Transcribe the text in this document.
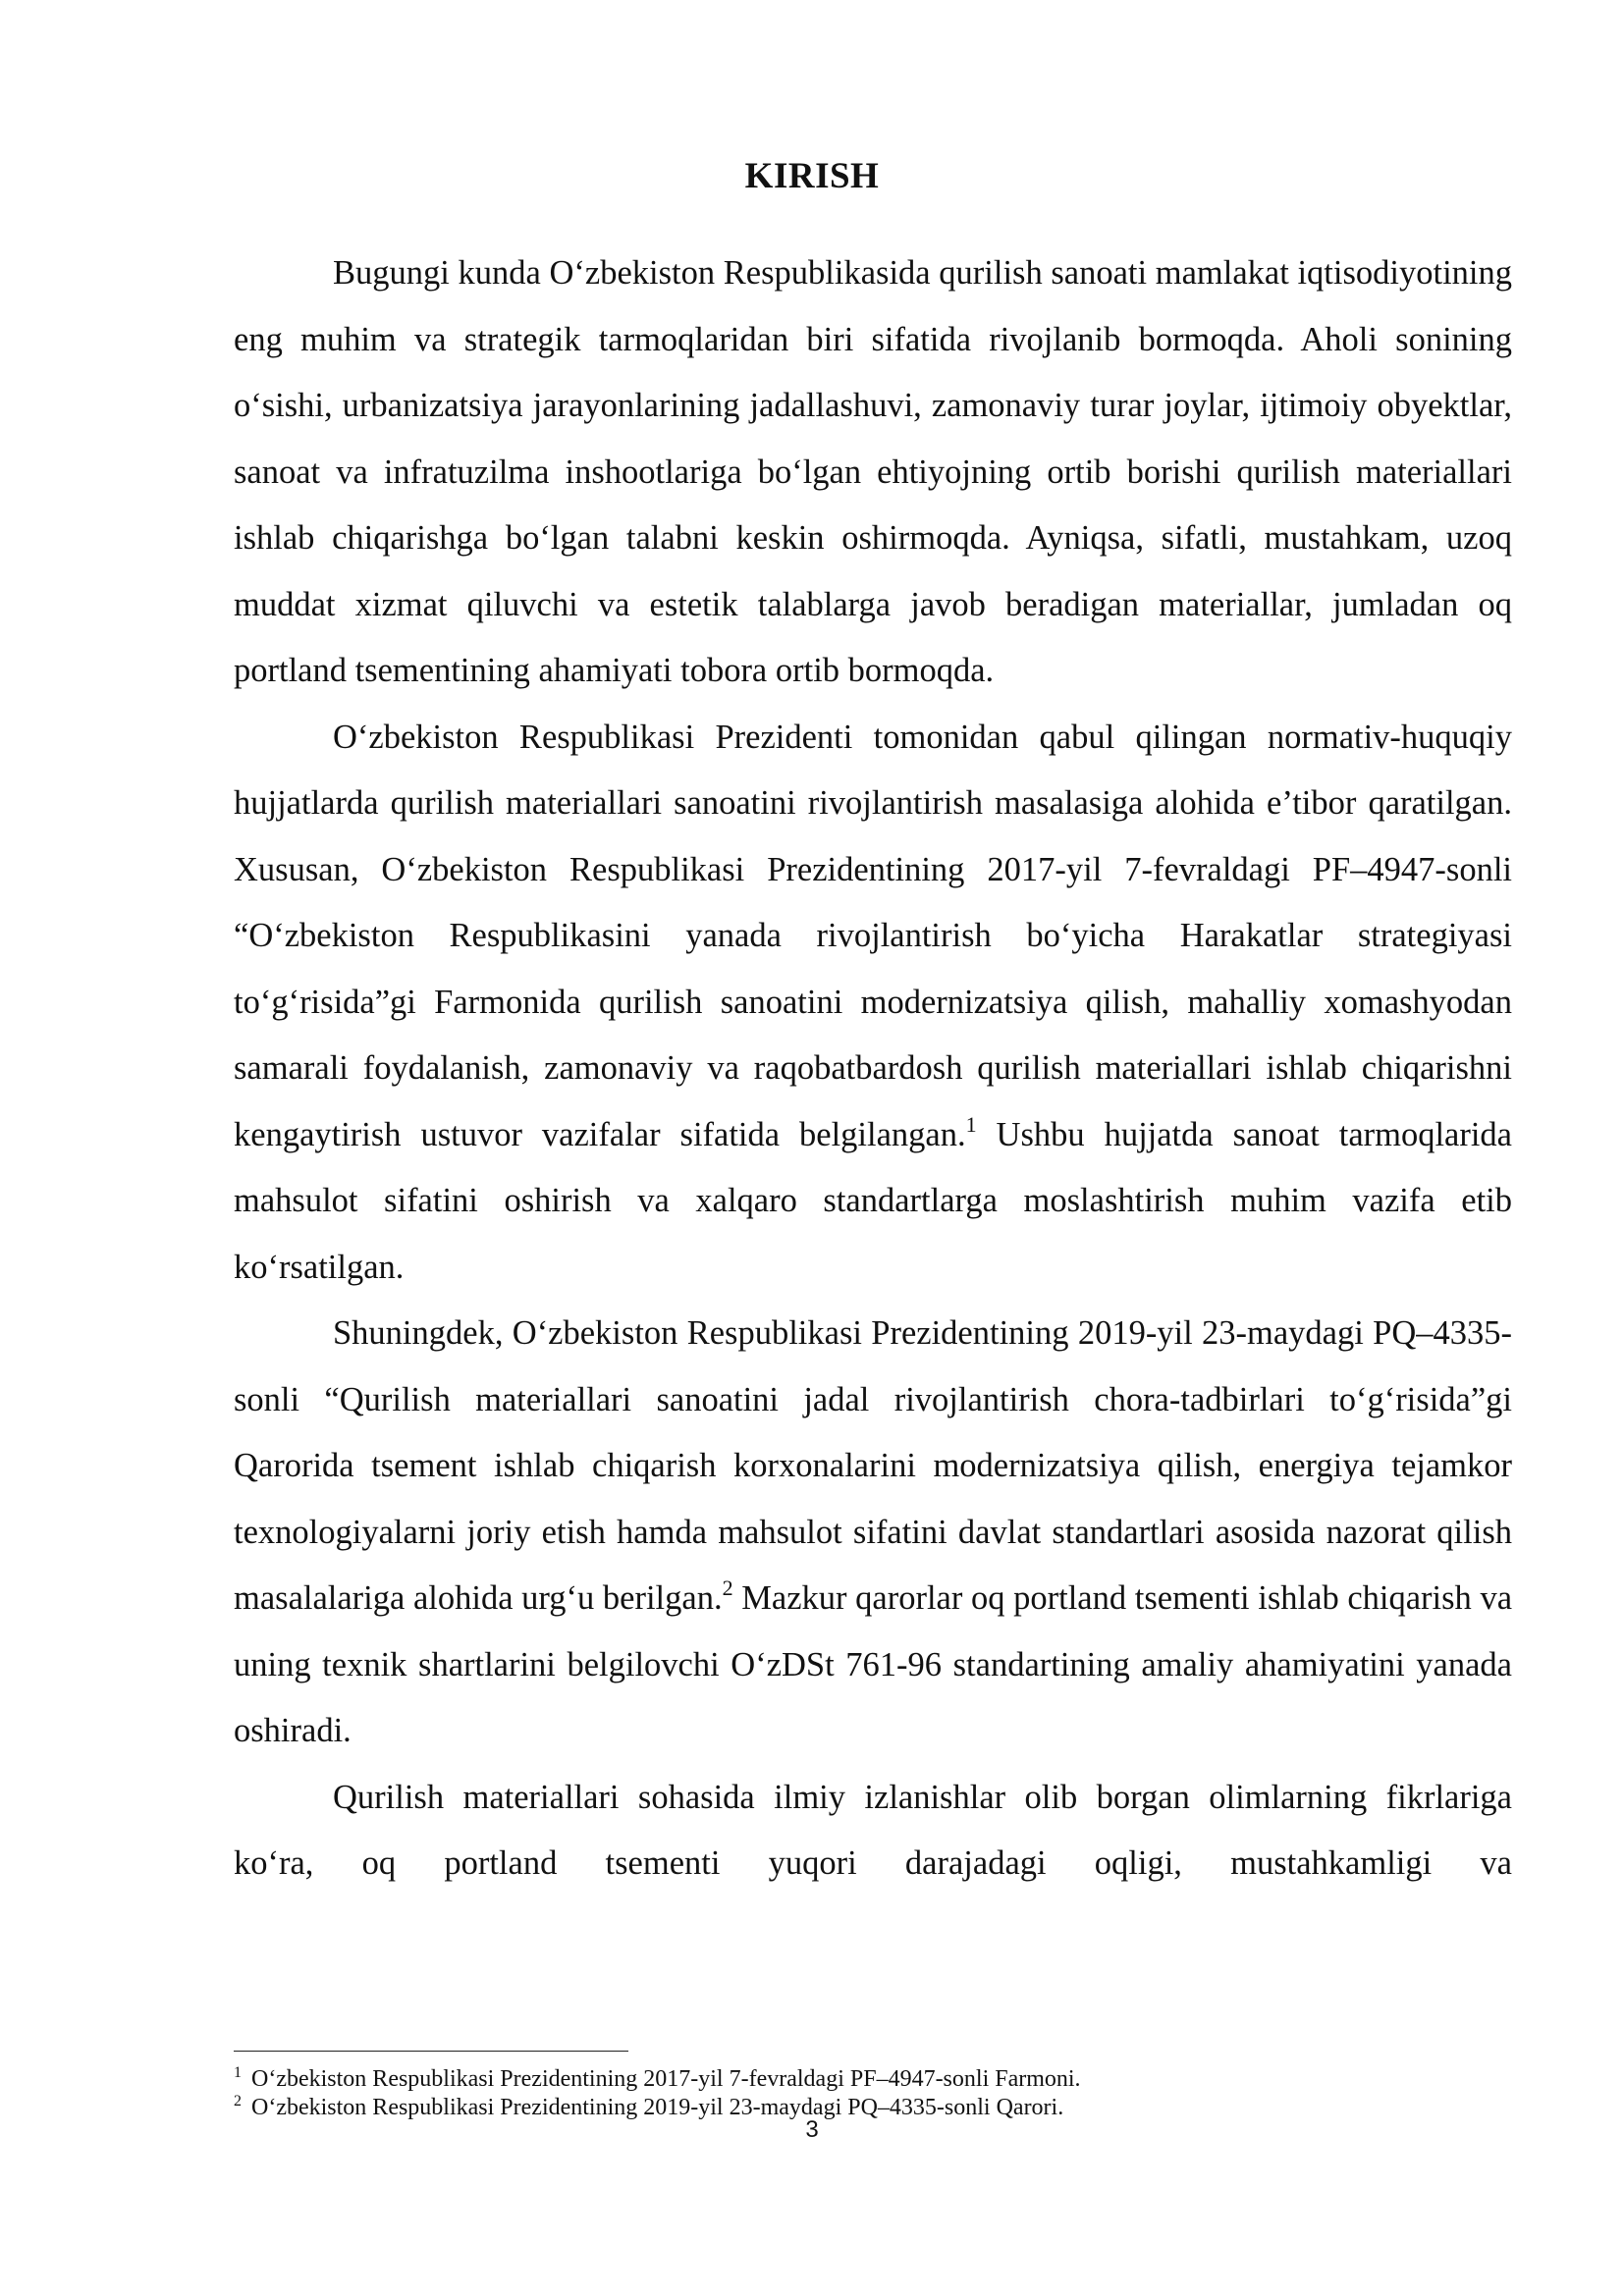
KIRISH

Bugungi kunda O‘zbekiston Respublikasida qurilish sanoati mamlakat iqtisodiyotining eng muhim va strategik tarmoqlaridan biri sifatida rivojlanib bormoqda. Aholi sonining o‘sishi, urbanizatsiya jarayonlarining jadallashuvi, zamonaviy turar joylar, ijtimoiy obyektlar, sanoat va infratuzilma inshootlariga bo‘lgan ehtiyojning ortib borishi qurilish materiallari ishlab chiqarishga bo‘lgan talabni keskin oshirmoqda. Ayniqsa, sifatli, mustahkam, uzoq muddat xizmat qiluvchi va estetik talablarga javob beradigan materiallar, jumladan oq portland tsementining ahamiyati tobora ortib bormoqda.

O‘zbekiston Respublikasi Prezidenti tomonidan qabul qilingan normativ-huquqiy hujjatlarda qurilish materiallari sanoatini rivojlantirish masalasiga alohida e’tibor qaratilgan. Xususan, O‘zbekiston Respublikasi Prezidentining 2017-yil 7-fevraldagi PF–4947-sonli “O‘zbekiston Respublikasini yanada rivojlantirish bo‘yicha Harakatlar strategiyasi to‘g‘risida”gi Farmonida qurilish sanoatini modernizatsiya qilish, mahalliy xomashyodan samarali foydalanish, zamonaviy va raqobatbardosh qurilish materiallari ishlab chiqarishni kengaytirish ustuvor vazifalar sifatida belgilangan.$^1$ Ushbu hujjatda sanoat tarmoqlarida mahsulot sifatini oshirish va xalqaro standartlarga moslashtirish muhim vazifa etib ko‘rsatilgan.

Shuningdek, O‘zbekiston Respublikasi Prezidentining 2019-yil 23-maydagi PQ–4335-sonli “Qurilish materiallari sanoatini jadal rivojlantirish chora-tadbirlari to‘g‘risida”gi Qarorida tsement ishlab chiqarish korxonalarini modernizatsiya qilish, energiya tejamkor texnologiyalarni joriy etish hamda mahsulot sifatini davlat standartlari asosida nazorat qilish masalalariga alohida urg‘u berilgan.$^2$ Mazkur qarorlar oq portland tsementi ishlab chiqarish va uning texnik shartlarini belgilovchi O‘zDSt 761-96 standartining amaliy ahamiyatini yanada oshiradi.

Qurilish materiallari sohasida ilmiy izlanishlar olib borgan olimlarning fikrlariga ko‘ra, oq portland tsementi yuqori darajadagi oqligi, mustahkamligi va

$^1$ O‘zbekiston Respublikasi Prezidentining 2017-yil 7-fevraldagi PF–4947-sonli Farmoni.
$^2$ O‘zbekiston Respublikasi Prezidentining 2019-yil 23-maydagi PQ–4335-sonli Qarori.
3
